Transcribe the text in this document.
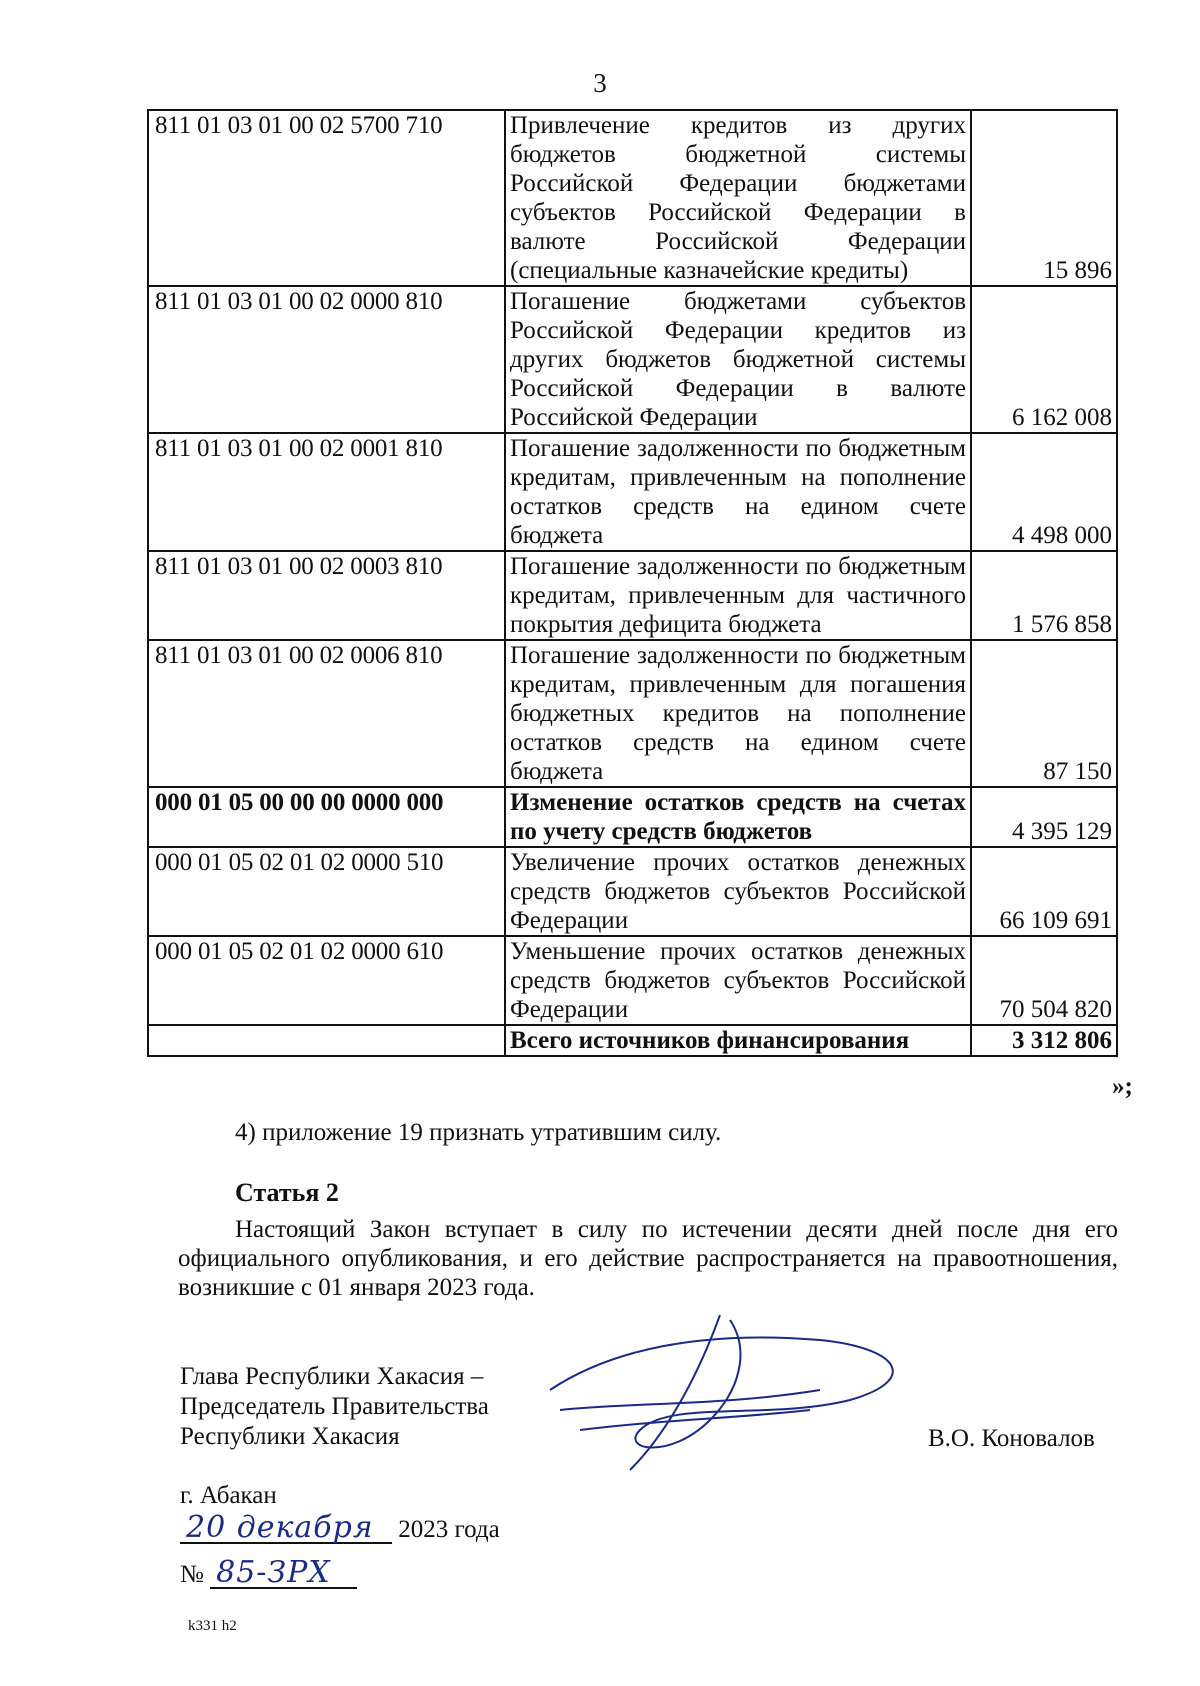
3
811 01 03 01 00 02 5700 710	Привлечение кредитов из других бюджетов бюджетной системы Российской Федерации бюджетами субъектов Российской Федерации в валюте Российской Федерации (специальные казначейские кредиты)	15 896
811 01 03 01 00 02 0000 810	Погашение бюджетами субъектов Российской Федерации кредитов из других бюджетов бюджетной системы Российской Федерации в валюте Российской Федерации	6 162 008
811 01 03 01 00 02 0001 810	Погашение задолженности по бюджетным кредитам, привлеченным на пополнение остатков средств на едином счете бюджета	4 498 000
811 01 03 01 00 02 0003 810	Погашение задолженности по бюджетным кредитам, привлеченным для частичного покрытия дефицита бюджета	1 576 858
811 01 03 01 00 02 0006 810	Погашение задолженности по бюджетным кредитам, привлеченным для погашения бюджетных кредитов на пополнение остатков средств на едином счете бюджета	87 150
000 01 05 00 00 00 0000 000	Изменение остатков средств на счетах по учету средств бюджетов	4 395 129
000 01 05 02 01 02 0000 510	Увеличение прочих остатков денежных средств бюджетов субъектов Российской Федерации	66 109 691
000 01 05 02 01 02 0000 610	Уменьшение прочих остатков денежных средств бюджетов субъектов Российской Федерации	70 504 820
	Всего источников финансирования	3 312 806
»;
4) приложение 19 признать утратившим силу.
Статья 2
Настоящий Закон вступает в силу по истечении десяти дней после дня его официального опубликования, и его действие распространяется на правоотношения, возникшие с 01 января 2023 года.
Глава Республики Хакасия –
Председатель Правительства
Республики Хакасия	В.О. Коновалов
г. Абакан
20 декабря 2023 года
№ 85-ЗРХ
k331 h2
